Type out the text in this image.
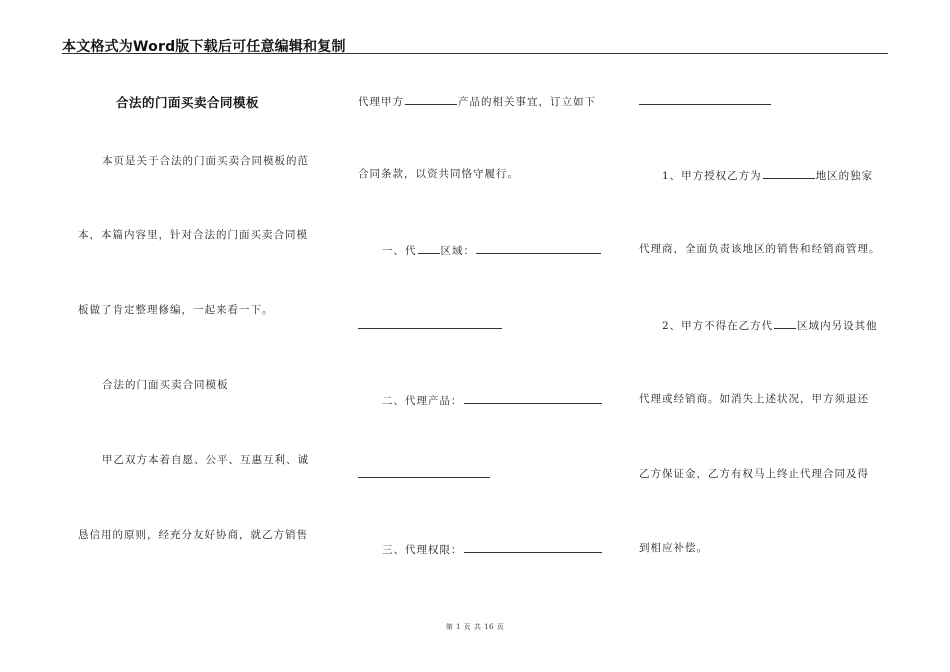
本文格式为Word版下载后可任意编辑和复制
合法的门面买卖合同模板
本页是关于合法的门面买卖合同模板的范
本，本篇内容里，针对合法的门面买卖合同模
板做了肯定整理修编，一起来看一下。
合法的门面买卖合同模板
甲乙双方本着自愿、公平、互惠互利、诚
恳信用的原则，经充分友好协商，就乙方销售
代理甲方	产品的相关事宜，订立如下
合同条款，以资共同恪守履行。
一、代 区域：
二、代理产品：
三、代理权限：
1、甲方授权乙方为	地区的独家
代理商，全面负责该地区的销售和经销商管理。
2、甲方不得在乙方代 区域内另设其他
代理或经销商。如消失上述状况，甲方须退还
乙方保证金，乙方有权马上终止代理合同及得
到相应补偿。
第 1 页 共 16 页
